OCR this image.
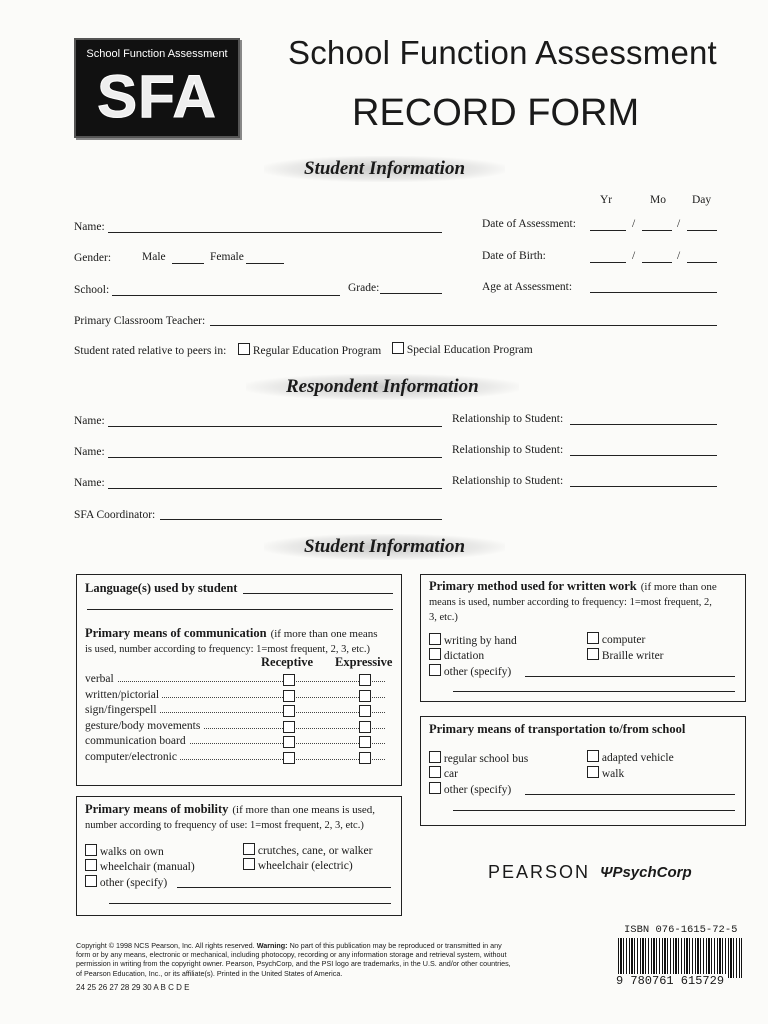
School Function Assessment
SFA
School Function Assessment
RECORD FORM
Student Information
Yr	Mo Day
Name:	Date of Assessment:	/	/
Gender:	Male	Female	Date of Birth:	/	/
School:	Grade:	Age at Assessment:
Primary Classroom Teacher:
Student rated relative to peers in:	Regular Education Program	Special Education Program
Respondent Information
Name:	Relationship to Student:
Name:	Relationship to Student:
Name:	Relationship to Student:
SFA Coordinator:
Student Information
Language(s) used by student
Primary means of communication (if more than one means
is used, number according to frequency: 1=most frequent, 2, 3, etc.)
Receptive Expressive
verbal
written/pictorial
sign/fingerspell
gesture/body movements
communication board
computer/electronic
Primary method used for written work (if more than one
means is used, number according to frequency: 1=most frequent, 2,
3, etc.)
writing by hand	computer
dictation	Braille writer
other (specify)
Primary means of transportation to/from school
regular school bus	adapted vehicle
car	walk
other (specify)
Primary means of mobility (if more than one means is used,
number according to frequency of use: 1=most frequent, 2, 3, etc.)
walks on own	crutches, cane, or walker
wheelchair (manual)	wheelchair (electric)
other (specify)
PEARSON ΨPsychCorp
Copyright © 1998 NCS Pearson, Inc. All rights reserved. Warning: No part of this publication may be reproduced or transmitted in any
form or by any means, electronic or mechanical, including photocopy, recording or any information storage and retrieval system, without
permission in writing from the copyright owner. Pearson, PsychCorp, and the PSI logo are trademarks, in the U.S. and/or other countries,
of Pearson Education, Inc., or its affiliate(s). Printed in the United States of America.
24 25 26 27 28 29 30 A B C D E
ISBN 076-1615-72-5
9 780761 615729
